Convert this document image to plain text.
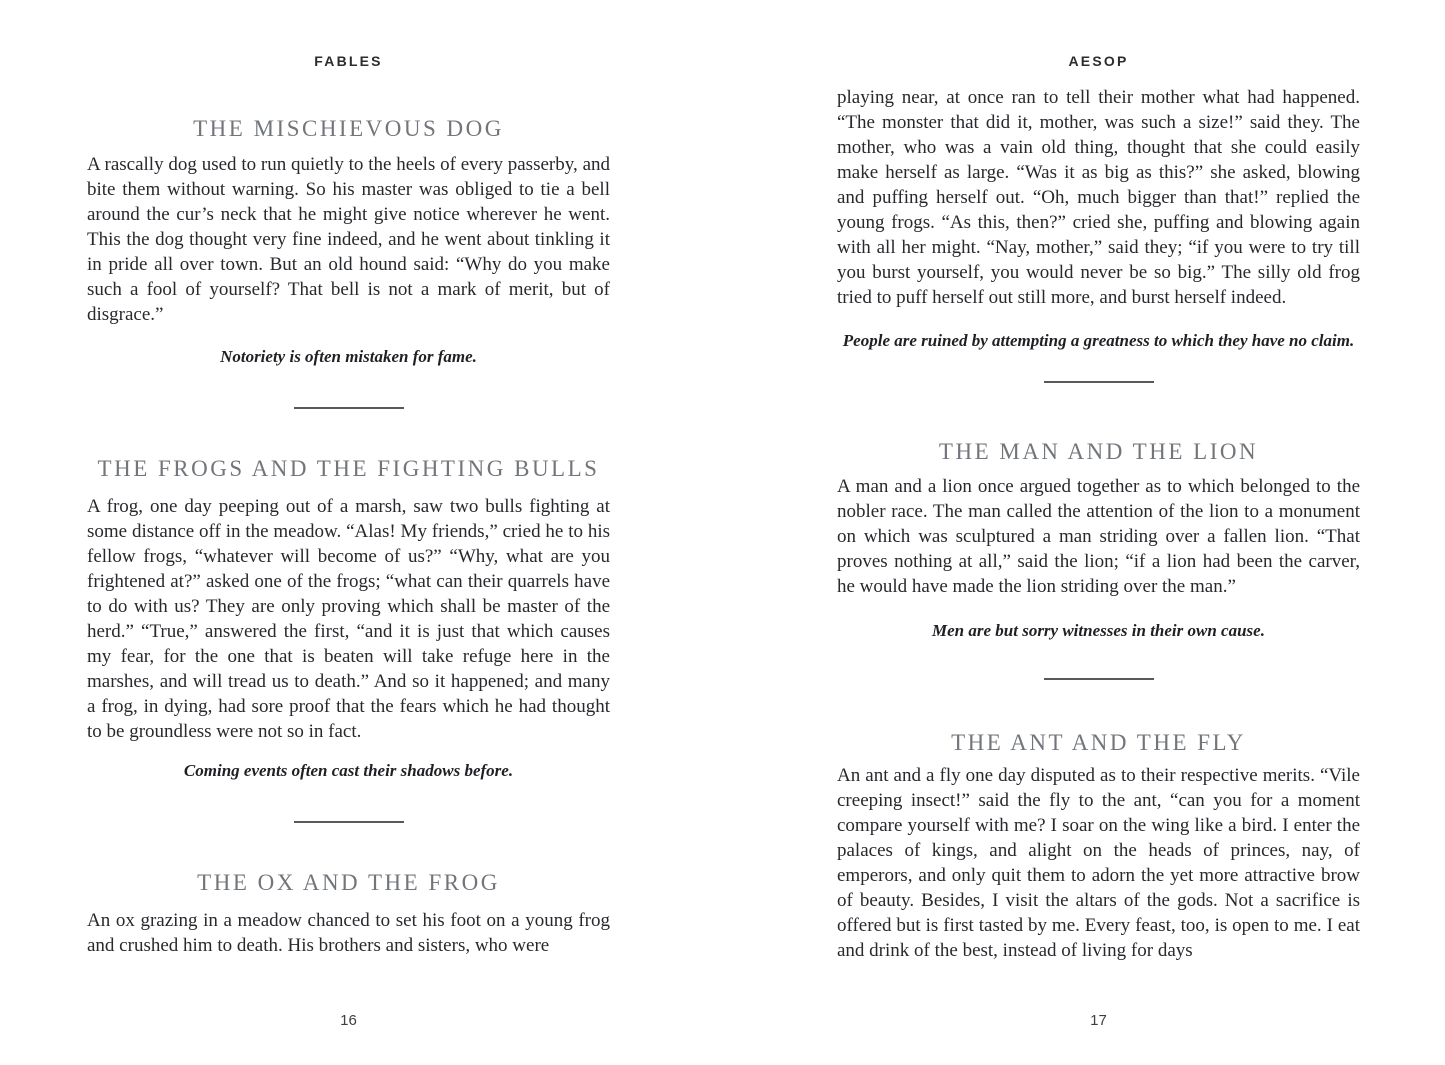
FABLES
THE MISCHIEVOUS DOG

A rascally dog used to run quietly to the heels of every passerby, and bite them without warning. So his master was obliged to tie a bell around the cur’s neck that he might give notice wherever he went. This the dog thought very fine indeed, and he went about tinkling it in pride all over town. But an old hound said: “Why do you make such a fool of yourself? That bell is not a mark of merit, but of disgrace.”

Notoriety is often mistaken for fame.
THE FROGS AND THE FIGHTING BULLS

A frog, one day peeping out of a marsh, saw two bulls fighting at some distance off in the meadow. “Alas! My friends,” cried he to his fellow frogs, “whatever will become of us?” “Why, what are you frightened at?” asked one of the frogs; “what can their quarrels have to do with us? They are only proving which shall be master of the herd.” “True,” answered the first, “and it is just that which causes my fear, for the one that is beaten will take refuge here in the marshes, and will tread us to death.” And so it happened; and many a frog, in dying, had sore proof that the fears which he had thought to be groundless were not so in fact.

Coming events often cast their shadows before.
THE OX AND THE FROG

An ox grazing in a meadow chanced to set his foot on a young frog and crushed him to death. His brothers and sisters, who were

16
AESOP

playing near, at once ran to tell their mother what had happened. “The monster that did it, mother, was such a size!” said they. The mother, who was a vain old thing, thought that she could easily make herself as large. “Was it as big as this?” she asked, blowing and puffing herself out. “Oh, much bigger than that!” replied the young frogs. “As this, then?” cried she, puffing and blowing again with all her might. “Nay, mother,” said they; “if you were to try till you burst yourself, you would never be so big.” The silly old frog tried to puff herself out still more, and burst herself indeed.

People are ruined by attempting a greatness to which they have no claim.
THE MAN AND THE LION

A man and a lion once argued together as to which belonged to the nobler race. The man called the attention of the lion to a monument on which was sculptured a man striding over a fallen lion. “That proves nothing at all,” said the lion; “if a lion had been the carver, he would have made the lion striding over the man.”

Men are but sorry witnesses in their own cause.
THE ANT AND THE FLY

An ant and a fly one day disputed as to their respective merits. “Vile creeping insect!” said the fly to the ant, “can you for a moment compare yourself with me? I soar on the wing like a bird. I enter the palaces of kings, and alight on the heads of princes, nay, of emperors, and only quit them to adorn the yet more attractive brow of beauty. Besides, I visit the altars of the gods. Not a sacrifice is offered but is first tasted by me. Every feast, too, is open to me. I eat and drink of the best, instead of living for days

17
